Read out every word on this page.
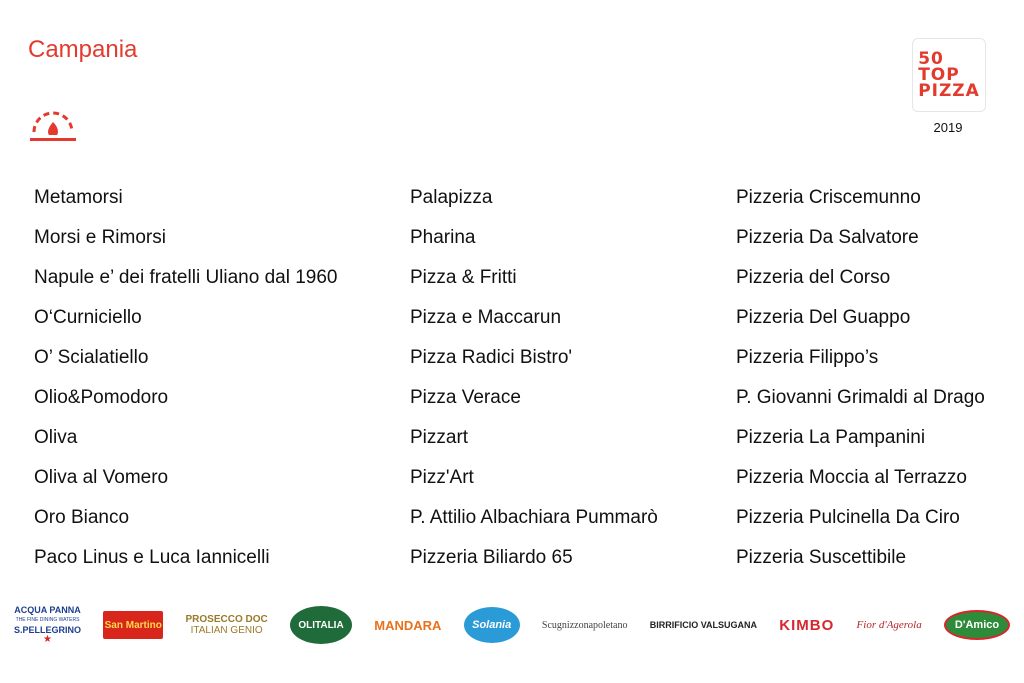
Campania	50
TOP
PIZZA
2019
Metamorsi
Morsi e Rimorsi
Napule e’ dei fratelli Uliano dal 1960
O‘Curniciello
O’ Scialatiello
Olio&Pomodoro
Oliva
Oliva al Vomero
Oro Bianco
Paco Linus e Luca Iannicelli
Palapizza
Pharina
Pizza & Fritti
Pizza e Maccarun
Pizza Radici Bistro'
Pizza Verace
Pizzart
Pizz'Art
P. Attilio Albachiara Pummarò
Pizzeria Biliardo 65
Pizzeria Criscemunno
Pizzeria Da Salvatore
Pizzeria del Corso
Pizzeria Del Guappo
Pizzeria Filippo’s
P. Giovanni Grimaldi al Drago
Pizzeria La Pampanini
Pizzeria Moccia al Terrazzo
Pizzeria Pulcinella Da Ciro
Pizzeria Suscettibile
ACQUA PANNA
THE FINE DINING WATERS
S.PELLEGRINO
★
San Martino PROSECCO DOC
ITALIAN GENIO	OLITALIA	MANDARA	Solania	Scugnizzonapoletano BIRRIFICIO VALSUGANA KIMBO Fior d'Agerola	D'Amico
